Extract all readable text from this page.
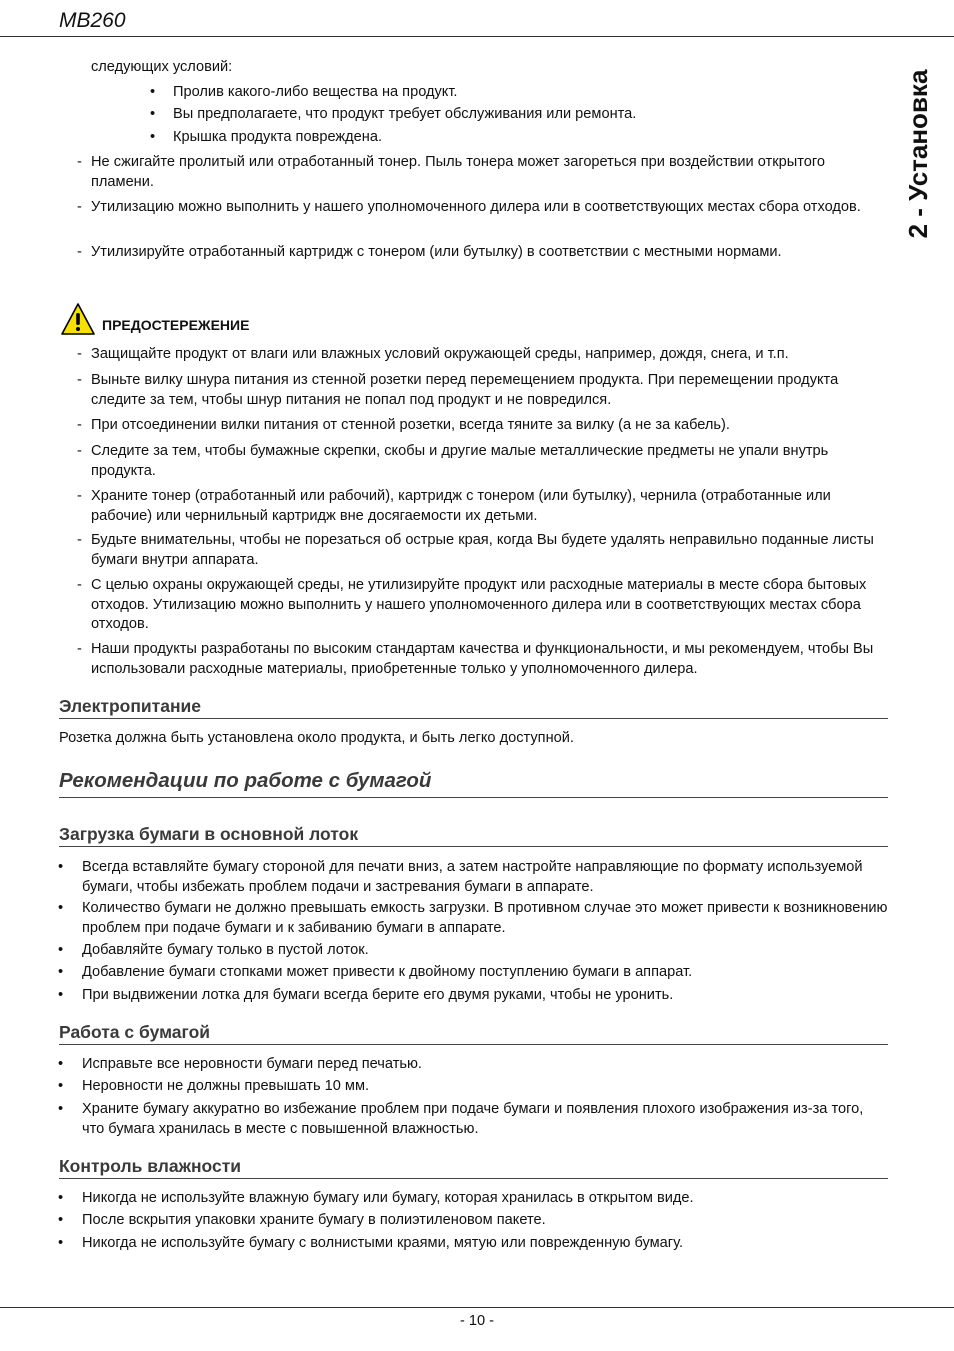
MB260
2 - Установка
следующих условий:
• Пролив какого-либо вещества на продукт.
• Вы предполагаете, что продукт требует обслуживания или ремонта.
• Крышка продукта повреждена.
- Не сжигайте пролитый или отработанный тонер. Пыль тонера может загореться при воздействии открытого пламени.
- Утилизацию можно выполнить у нашего уполномоченного дилера или в соответствующих местах сбора отходов.
- Утилизируйте отработанный картридж с тонером (или бутылку) в соответствии с местными нормами.
ПРЕДОСТЕРЕЖЕНИЕ
- Защищайте продукт от влаги или влажных условий окружающей среды, например, дождя, снега, и т.п.
- Выньте вилку шнура питания из стенной розетки перед перемещением продукта. При перемещении продукта следите за тем, чтобы шнур питания не попал под продукт и не повредился.
- При отсоединении вилки питания от стенной розетки, всегда тяните за вилку (а не за кабель).
- Следите за тем, чтобы бумажные скрепки, скобы и другие малые металлические предметы не упали внутрь продукта.
- Храните тонер (отработанный или рабочий), картридж с тонером (или бутылку), чернила (отработанные или рабочие) или чернильный картридж вне досягаемости их детьми.
- Будьте внимательны, чтобы не порезаться об острые края, когда Вы будете удалять неправильно поданные листы бумаги внутри аппарата.
- С целью охраны окружающей среды, не утилизируйте продукт или расходные материалы в месте сбора бытовых отходов. Утилизацию можно выполнить у нашего уполномоченного дилера или в соответствующих местах сбора отходов.
- Наши продукты разработаны по высоким стандартам качества и функциональности, и мы рекомендуем, чтобы Вы использовали расходные материалы, приобретенные только у уполномоченного дилера.
Электропитание
Розетка должна быть установлена около продукта, и быть легко доступной.
Рекомендации по работе с бумагой
Загрузка бумаги в основной лоток
• Всегда вставляйте бумагу стороной для печати вниз, а затем настройте направляющие по формату используемой бумаги, чтобы избежать проблем подачи и застревания бумаги в аппарате.
• Количество бумаги не должно превышать емкость загрузки. В противном случае это может привести к возникновению проблем при подаче бумаги и к забиванию бумаги в аппарате.
• Добавляйте бумагу только в пустой лоток.
• Добавление бумаги стопками может привести к двойному поступлению бумаги в аппарат.
• При выдвижении лотка для бумаги всегда берите его двумя руками, чтобы не уронить.
Работа с бумагой
• Исправьте все неровности бумаги перед печатью.
• Неровности не должны превышать 10 мм.
• Храните бумагу аккуратно во избежание проблем при подаче бумаги и появления плохого изображения из-за того, что бумага хранилась в месте с повышенной влажностью.
Контроль влажности
• Никогда не используйте влажную бумагу или бумагу, которая хранилась в открытом виде.
• После вскрытия упаковки храните бумагу в полиэтиленовом пакете.
• Никогда не используйте бумагу с волнистыми краями, мятую или поврежденную бумагу.
- 10 -
